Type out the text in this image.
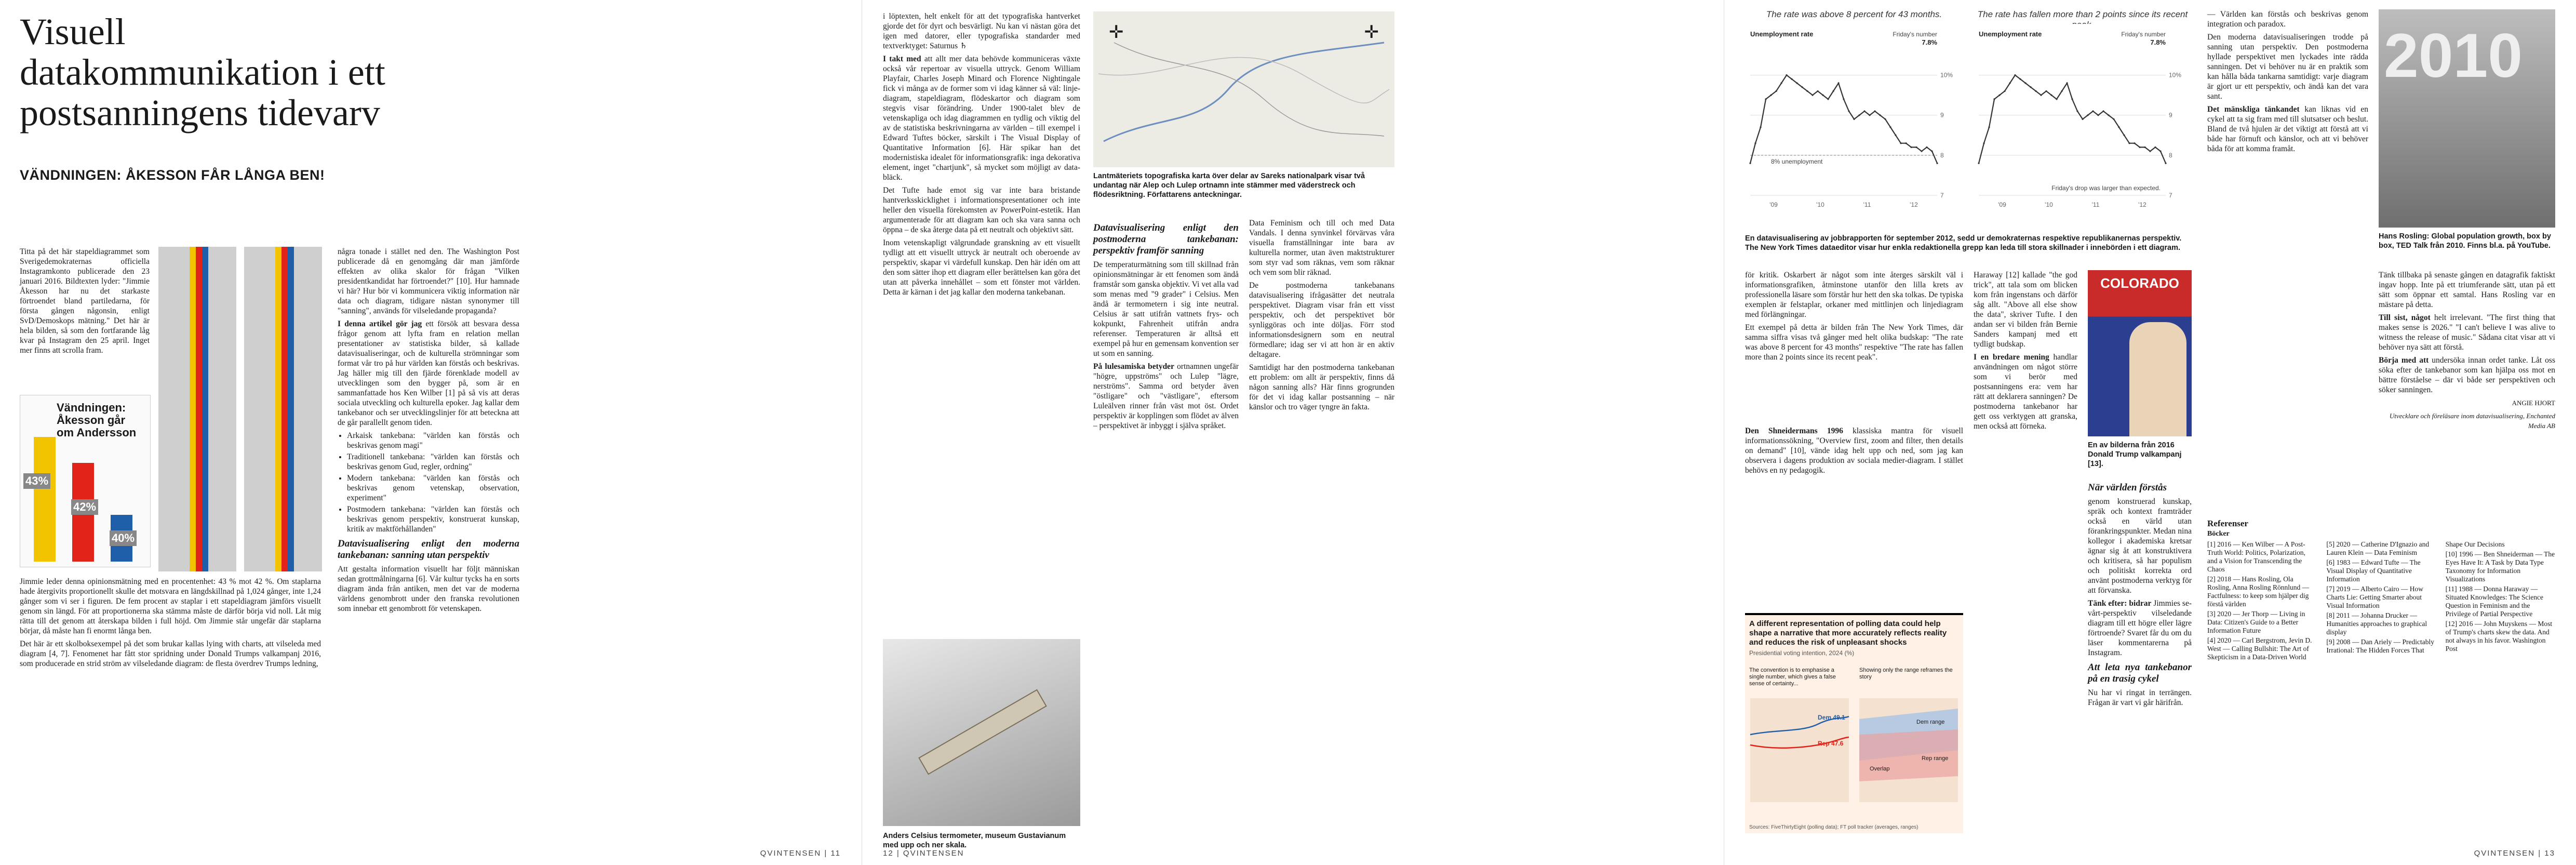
Visuell datakommunikation i ett postsanningens tidevarv
VÄNDNINGEN: ÅKESSON FÅR LÅNGA BEN!

Tittа på det här stapeldiagrammet som Sverigedemokraternas officiella Instagramkonto publicerade den 23 januari 2016. Bildtexten lyder: "Jimmie Åkesson har nu det starkaste förtroendet bland partiledarna, för första gången någonsin, enligt SvD/Demoskops mätning." Det här är hela bilden, så som den fortfarande låg kvar på Instagram den 25 april. Inget mer finns att scrolla fram.

Vändningen: Åkesson går om Andersson
43%
42%
40%

Jimmie leder denna opinionsmätning med en procentenhet: 43 % mot 42 %. Om staplarna hade återgivits proportionellt skulle det motsvara en längdskillnad på 1,024 gånger, inte 1,24 gånger som vi ser i figuren. De fem procent av staplar i ett stapeldiagram jämförs visuellt genom sin längd. För att proportionerna ska stämma måste de därför börja vid noll. Låt mig rätta till det genom att återskapa bilden i full höjd. Om Jimmie står ungefär där staplarna börjar, då måste han fi enormt långa ben.

Det här är ett skolboksexempel på det som brukar kallas lying with charts, att vilseleda med diagram [4, 7]. Fenomenet har fått stor spridning under Donald Trumps valkampanj 2016, som producerade en strid ström av vilseledande diagram: de flesta överdrev Trumps ledning,

några tonade i stället ned den. The Washington Post publicerade då en genomgång där man jämförde effekten av olika skalor för frågan "Vilken presidentkandidat har förtroendet?" [10]. Hur hamnade vi här? Hur bör vi kommunicera viktig information när data och diagram, tidigare nästan synonymer till "sanning", används för vilseledande propaganda?

I denna artikel gör jag ett försök att besvara dessa frågor genom att lyfta fram en relation mellan presentationer av statistiska bilder, så kallade datavisualiseringar, och de kulturella strömningar som format vår tro på hur världen kan förstås och beskrivas. Jag häller mig till den fjärde förenklade modell av utvecklingen som den bygger på, som är en sammanfattade hos Ken Wilber [1] på så vis att deras sociala utveckling och kulturella epoker. Jag kallar dem tankebanor och ser utvecklingslinjer för att beteckna att de går parallellt genom tiden.

• Arkaisk tankebana: "världen kan förstås och beskrivas genom magi"
• Traditionell tankebana: "världen kan förstås och beskrivas genom Gud, regler, ordning"
• Modern tankebana: "världen kan förstås och beskrivas genom vetenskap, observation, experiment"
• Postmodern tankebana: "världen kan förstås och beskrivas genom perspektiv, konstruerat kunskap, kritik av maktförhållanden"
Datavisualisering enligt den moderna tankebanan: sanning utan perspektiv

Att gestalta information visuellt har följt människan sedan grottmålningarna [6]. Vår kultur tycks ha en sorts diagram ända från antiken, men det var de moderna världens genombrott under den franska revolutionen som innebar ett genombrott för vetenskapen.

QVINTENSEN | 11

i löptexten, helt enkelt för att det typografiska hantverket gjorde det för dyrt och besvärligt. Nu kan vi nästan göra det igen med datorer, eller typografiska standarder med textverktyget: Saturnus ♄

I takt med att allt mer data behövde kommuniceras växte också vår repertoar av visuella uttryck. Genom William Playfair, Charles Joseph Minard och Florence Nightingale fick vi många av de former som vi idag känner så väl: linje-diagram, stapeldiagram, flödeskartor och diagram som stegvis visar förändring. Under 1900-talet blev de vetenskapliga och idag diagrammen en tydlig och viktig del av de statistiska beskrivningarna av världen – till exempel i Edward Tuftes böcker, särskilt i The Visual Display of Quantitative Information [6]. Här spikar han det modernistiska idealet för informationsgrafik: inga dekorativa element, inget "chartjunk", så mycket som möjligt av data-bläck.

Det Tufte hade emot sig var inte bara bristande hantverksskicklighet i informationspresentationer och inte heller den visuella förekomsten av PowerPoint-estetik. Han argumenterade för att diagram kan och ska vara sanna och öppna – de ska återge data på ett neutralt och objektivt sätt.

Inom vetenskapligt välgrundade granskning av ett visuellt tydligt att ett visuellt uttryck är neutralt och oberoende av perspektiv, skapar vi värdefull kunskap. Den här idén om att den som sätter ihop ett diagram eller berättelsen kan göra det utan att påverka innehållet – som ett fönster mot världen. Detta är kärnan i det jag kallar den moderna tankebanan.

Anders Celsius termometer, museum Gustavianum med upp och ner skala.
✛	✛
Lantmäteriets topografiska karta över delar av Sareks nationalpark visar två undantag när Alep och Lulep ortnamn inte stämmer med väderstreck och flödesriktning. Författarens anteckningar.
Datavisualisering enligt den postmoderna tankebanan: perspektiv framför sanning

De temperaturmätning som till skillnad från opinionsmätningar är ett fenomen som ändå framstår som ganska objektiv. Vi vet alla vad som menas med "9 grader" i Celsius. Men ändå är termometern i sig inte neutral. Celsius är satt utifrån vattnets frys- och kokpunkt, Fahrenheit utifrån andra referenser. Temperaturen är alltså ett exempel på hur en gemensam konvention ser ut som en sanning.

På lulesamiska betyder ortnamnen ungefär "högre, uppströms" och Lulep "lägre, nerströms". Samma ord betyder även "östligare" och "västligare", eftersom Luleälven rinner från väst mot öst. Ordet perspektiv är kopplingen som flödet av älven – perspektivet är inbyggt i själva språket.

Data Feminism och till och med Data Vandals. I denna synvinkel förvärvas våra visuella framställningar inte bara av kulturella normer, utan även maktstrukturer som styr vad som räknas, vem som räknar och vem som blir räknad.

De postmoderna tankebanans datavisualisering ifrågasätter det neutrala perspektivet. Diagram visar från ett visst perspektiv, och det perspektivet bör synliggöras och inte döljas. Förr stod informationsdesignern som en neutral förmedlare; idag ser vi att hon är en aktiv deltagare.

Samtidigt har den postmoderna tankebanan ett problem: om allt är perspektiv, finns då någon sanning alls? Här finns grogrunden för det vi idag kallar postsanning – när känslor och tro väger tyngre än fakta.

12 | QVINTENSEN
The rate was above 8 percent for 43 months.
Unemployment rate	Friday's number
7.8%
10%
9
8
7
8% unemployment
'09	'10	'11	'12
The rate has fallen more than 2 points since its recent
Unemployment rate	Friday's number
7.8%
10%
9
8
7
Friday's drop was larger than expected.
'09	'10	'11	'12
En datavisualisering av jobbrapporten för september 2012, sedd ur demokraternas respektive republikanernas perspektiv. The New York Times dataeditor visar hur enkla redaktionella grepp kan leda till stora skillnader i innebörden i ett diagram.

för kritik. Oskarbert är något som inte återges särskilt väl i informationsgrafiken, åtminstone utanför den lilla krets av professionella läsare som förstår hur hett den ska tolkas. De typiska exemplen är felstaplar, orkaner med mittlinjen och linjediagram med förlängningar.

Ett exempel på detta är bilden från The New York Times, där samma siffra visas två gånger med helt olika budskap: "The rate was above 8 percent for 43 months" respektive "The rate has fallen more than 2 points since its recent peak".

A different representation of polling data could help shape a narrative that more accurately reflects reality and reduces the risk of unpleasant shocks
Presidential voting intention, 2024 (%)
The convention is to emphasise a single number, which gives a false sense of certainty...
Showing only the range reframes the story
Dem 49.1
Rep 47.6
Dem range
Rep range
Overlap
Sources: FiveThirtyEight (polling data); FT poll tracker (averages, ranges)

Den Shneidermans 1996 klassiska mantra för visuell informationssökning, "Overview first, zoom and filter, then details on demand" [10], vände idag helt upp och ned, som jag kan observera i dagens produktion av sociala medier-diagram. I stället behövs en ny pedagogik.

Haraway [12] kallade "the god trick", att tala som om blicken kom från ingenstans och därför såg allt. "Above all else show the data", skriver Tufte. I den andan ser vi bilden från Bernie Sanders kampanj med ett tydligt budskap.

I en bredare mening handlar användningen om något större som vi berör med postsanningens era: vem har rätt att deklarera sanningen? De postmoderna tankebanor har gett oss verktygen att granska, men också att förneka.

COLORADO
En av bilderna från 2016 Donald Trump valkampanj [13].
När världen förstås

genom konstruerad kunskap, spräk och kontext framträder också en värld utan förankringspunkter. Medan nina kollegor i akademiska kretsar ägnar sig åt att konstruktivera och kritisera, så har populism och politiskt korrekta ord använt postmoderna verktyg för att förvanska.

Tänk efter: bidrar Jimmies se-vårt-perspektiv vilseledande diagram till ett högre eller lägre förtroende? Svaret får du om du läser kommentarerna på Instagram.

Att leta nya tankebanor på en trasig cykel

Nu har vi ringat in terrängen. Frågan är vart vi går härifrån.

— Världen kan förstås och beskrivas genom integration och paradox.

Den moderna datavisualiseringen trodde på sanning utan perspektiv. Den postmoderna hyllade perspektivet men lyckades inte rädda sanningen. Det vi behöver nu är en praktik som kan hålla båda tankarna samtidigt: varje diagram är gjort ur ett perspektiv, och ändå kan det vara sant.

Det mänskliga tänkandet kan liknas vid en cykel att ta sig fram med till slutsatser och beslut. Bland de två hjulen är det viktigt att förstå att vi både har förnuft och känslor, och att vi behöver båda för att komma framåt.

2010
Hans Rosling: Global population growth, box by box, TED Talk från 2010. Finns bl.a. på YouTube.

Tänk tillbaka på senaste gången en datagrafik faktiskt ingav hopp. Inte på ett triumferande sätt, utan på ett sätt som öppnar ett samtal. Hans Rosling var en mästare på detta.

Till sist, något helt irrelevant. "The first thing that makes sense is 2026." "I can't believe I was alive to witness the release of music." Sådana citat visar att vi behöver nya sätt att förstå.

Börja med att undersöka innan ordet tanke. Låt oss söka efter de tankebanor som kan hjälpa oss mot en bättre förståelse – där vi både ser perspektiven och söker sanningen.

ANGIE HJORT

Utvecklare och föreläsare inom datavisualisering, Enchanted Media AB

Referenser
Böcker

[1] 2016 — Ken Wilber — A Post-Truth World: Politics, Polarization, and a Vision for Transcending the Chaos

[2] 2018 — Hans Rosling, Ola Rosling, Anna Rosling Rönnlund — Factfulness: to keep som hjälper dig förstå världen

[3] 2020 — Jer Thorp — Living in Data: Citizen's Guide to a Better Information Future

[4] 2020 — Carl Bergstrom, Jevin D. West — Calling Bullshit: The Art of Skepticism in a Data-Driven World

[5] 2020 — Catherine D'Ignazio and Lauren Klein — Data Feminism

[6] 1983 — Edward Tufte — The Visual Display of Quantitative Information

[7] 2019 — Alberto Cairo — How Charts Lie: Getting Smarter about Visual Information

[8] 2011 — Johanna Drucker — Humanities approaches to graphical display

[9] 2008 — Dan Ariely — Predictably Irrational: The Hidden Forces That Shape Our Decisions

[10] 1996 — Ben Shneiderman — The Eyes Have It: A Task by Data Type Taxonomy for Information Visualizations

[11] 1988 — Donna Haraway — Situated Knowledges: The Science Question in Feminism and the Privilege of Partial Perspective

[12] 2016 — John Muyskens — Most of Trump's charts skew the data. And not always in his favor. Washington Post

QVINTENSEN | 13
